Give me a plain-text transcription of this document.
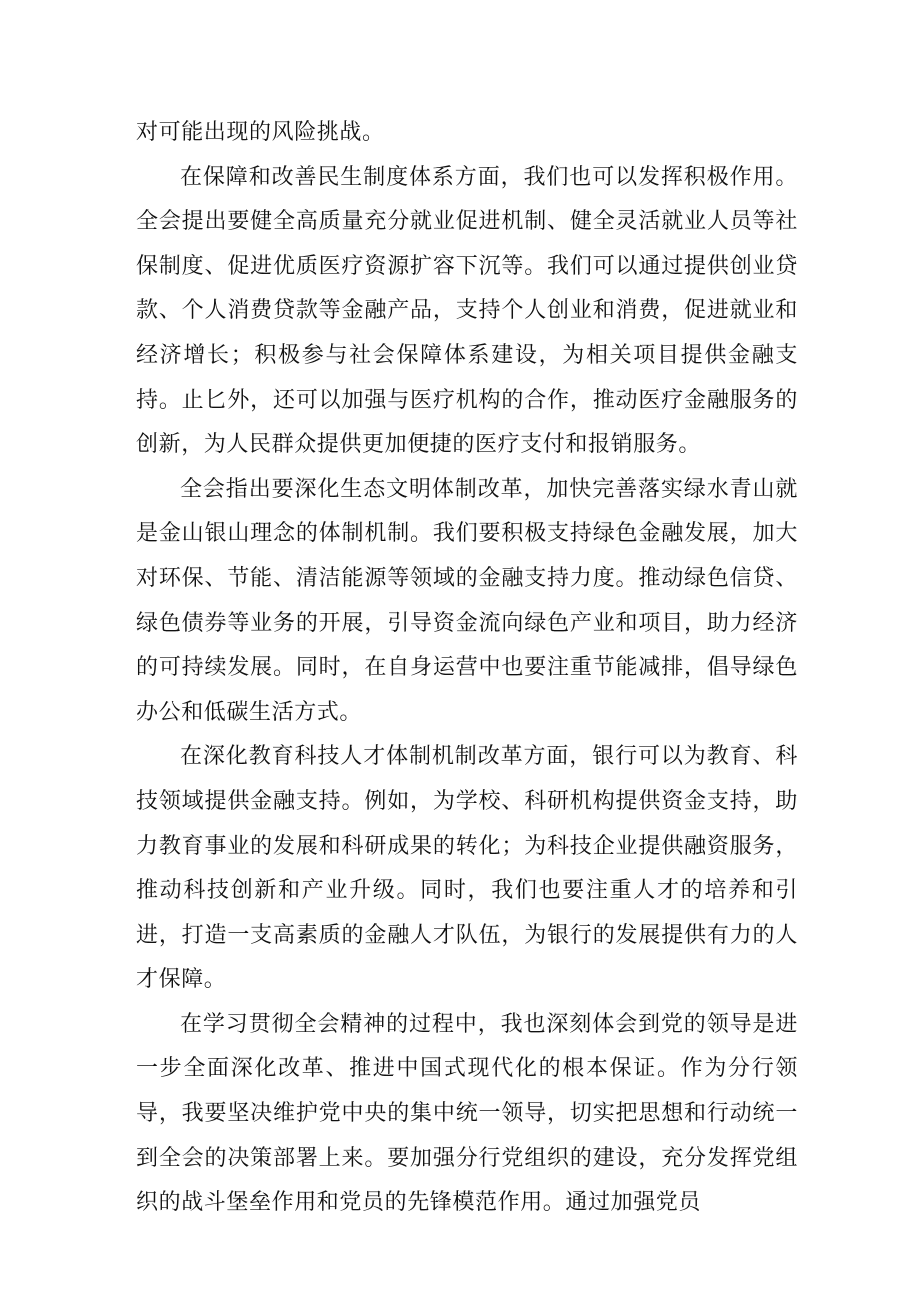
对可能出现的风险挑战。

在保障和改善民生制度体系方面，我们也可以发挥积极作用。全会提出要健全高质量充分就业促进机制、健全灵活就业人员等社保制度、促进优质医疗资源扩容下沉等。我们可以通过提供创业贷款、个人消费贷款等金融产品，支持个人创业和消费，促进就业和经济增长；积极参与社会保障体系建设，为相关项目提供金融支持。止匕外，还可以加强与医疗机构的合作，推动医疗金融服务的创新，为人民群众提供更加便捷的医疗支付和报销服务。

全会指出要深化生态文明体制改革，加快完善落实绿水青山就是金山银山理念的体制机制。我们要积极支持绿色金融发展，加大对环保、节能、清洁能源等领域的金融支持力度。推动绿色信贷、绿色债券等业务的开展，引导资金流向绿色产业和项目，助力经济的可持续发展。同时，在自身运营中也要注重节能减排，倡导绿色办公和低碳生活方式。

在深化教育科技人才体制机制改革方面，银行可以为教育、科技领域提供金融支持。例如，为学校、科研机构提供资金支持，助力教育事业的发展和科研成果的转化；为科技企业提供融资服务，推动科技创新和产业升级。同时，我们也要注重人才的培养和引进，打造一支高素质的金融人才队伍，为银行的发展提供有力的人才保障。

在学习贯彻全会精神的过程中，我也深刻体会到党的领导是进一步全面深化改革、推进中国式现代化的根本保证。作为分行领导，我要坚决维护党中央的集中统一领导，切实把思想和行动统一到全会的决策部署上来。要加强分行党组织的建设，充分发挥党组织的战斗堡垒作用和党员的先锋模范作用。通过加强党员
